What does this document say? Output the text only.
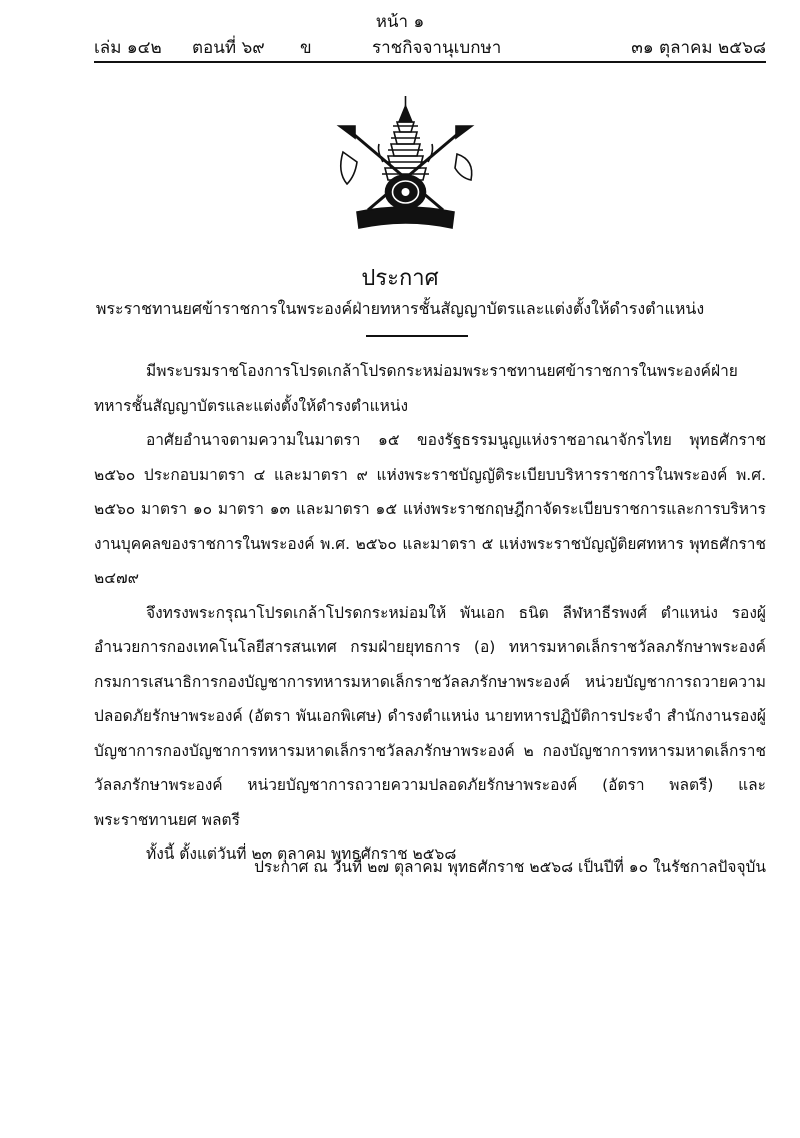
หน้า ๑
เล่ม ๑๔๒ ตอนที่ ๖๙ ข	ราชกิจจานุเบกษา	๓๑ ตุลาคม ๒๕๖๘
ประกาศ
พระราชทานยศข้าราชการในพระองค์ฝ่ายทหารชั้นสัญญาบัตรและแต่งตั้งให้ดำรงตำแหน่ง

มีพระบรมราชโองการโปรดเกล้าโปรดกระหม่อมพระราชทานยศข้าราชการในพระองค์ฝ่ายทหารชั้นสัญญาบัตรและแต่งตั้งให้ดำรงตำแหน่ง

อาศัยอำนาจตามความในมาตรา ๑๕ ของรัฐธรรมนูญแห่งราชอาณาจักรไทย พุทธศักราช ๒๕๖๐ ประกอบมาตรา ๔ และมาตรา ๙ แห่งพระราชบัญญัติระเบียบบริหารราชการในพระองค์ พ.ศ. ๒๕๖๐ มาตรา ๑๐ มาตรา ๑๓ และมาตรา ๑๕ แห่งพระราชกฤษฎีกาจัดระเบียบราชการและการบริหารงานบุคคลของราชการในพระองค์ พ.ศ. ๒๕๖๐ และมาตรา ๕ แห่งพระราชบัญญัติยศทหาร พุทธศักราช ๒๔๗๙

จึงทรงพระกรุณาโปรดเกล้าโปรดกระหม่อมให้ พันเอก ธนิต ลีฬหาธีรพงศ์ ตำแหน่ง รองผู้อำนวยการกองเทคโนโลยีสารสนเทศ กรมฝ่ายยุทธการ (อ) ทหารมหาดเล็กราชวัลลภรักษาพระองค์ กรมการเสนาธิการกองบัญชาการทหารมหาดเล็กราชวัลลภรักษาพระองค์ หน่วยบัญชาการถวายความปลอดภัยรักษาพระองค์ (อัตรา พันเอกพิเศษ) ดำรงตำแหน่ง นายทหารปฏิบัติการประจำ สำนักงานรองผู้บัญชาการกองบัญชาการทหารมหาดเล็กราชวัลลภรักษาพระองค์ ๒ กองบัญชาการทหารมหาดเล็กราชวัลลภรักษาพระองค์ หน่วยบัญชาการถวายความปลอดภัยรักษาพระองค์ (อัตรา พลตรี) และพระราชทานยศ พลตรี

ทั้งนี้ ตั้งแต่วันที่ ๒๓ ตุลาคม พุทธศักราช ๒๕๖๘

ประกาศ ณ วันที่ ๒๗ ตุลาคม พุทธศักราช ๒๕๖๘ เป็นปีที่ ๑๐ ในรัชกาลปัจจุบัน
